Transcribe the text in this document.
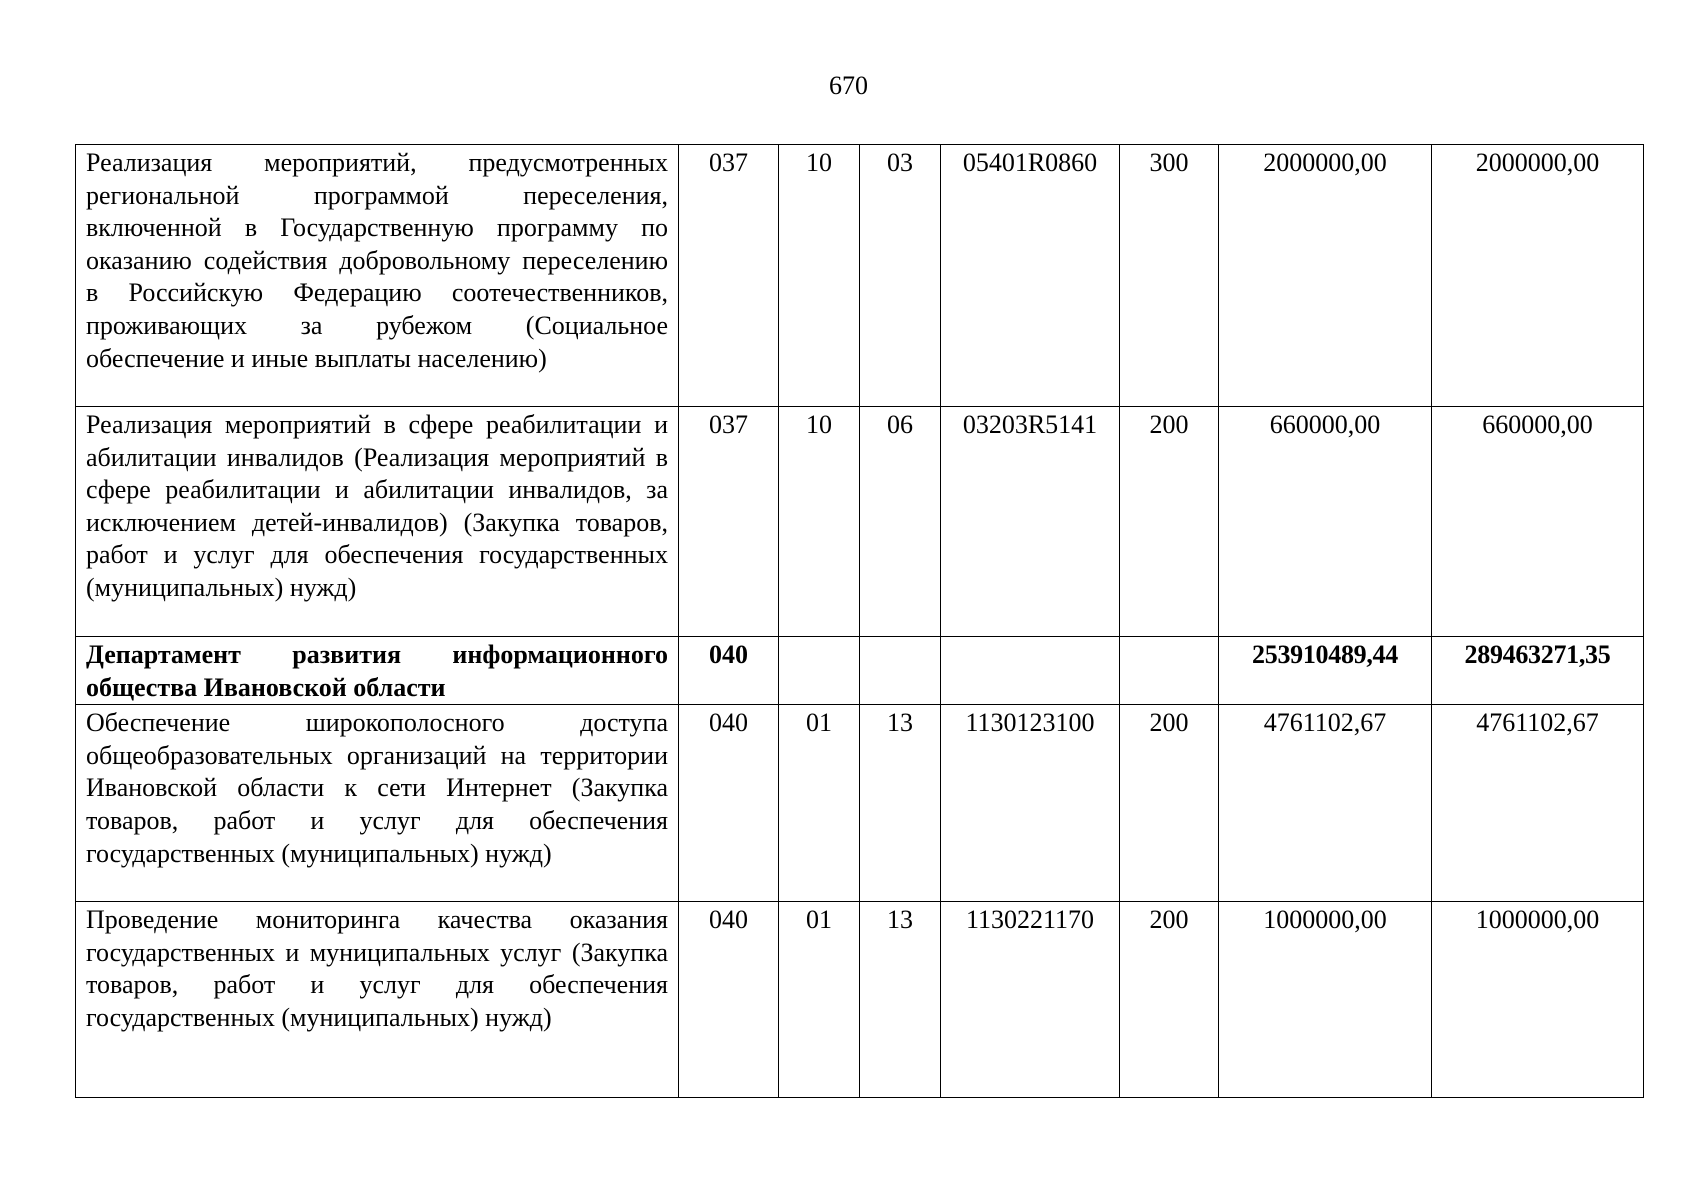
670
Реализация мероприятий, предусмотренных региональной программой переселения, включенной в Государственную программу по оказанию содействия добровольному переселению в Российскую Федерацию соотечественников, проживающих за рубежом (Социальное обеспечение и иные выплаты населению)	037	10	03	05401R0860	300	2000000,00	2000000,00
Реализация мероприятий в сфере реабилитации и абилитации инвалидов (Реализация мероприятий в сфере реабилитации и абилитации инвалидов, за исключением детей-инвалидов) (Закупка товаров, работ и услуг для обеспечения государственных (муниципальных) нужд)	037	10	06	03203R5141	200	660000,00	660000,00
Департамент развития информационного общества Ивановской области	040					253910489,44	289463271,35
Обеспечение широкополосного доступа общеобразовательных организаций на территории Ивановской области к сети Интернет (Закупка товаров, работ и услуг для обеспечения государственных (муниципальных) нужд)	040	01	13	1130123100	200	4761102,67	4761102,67
Проведение мониторинга качества оказания государственных и муниципальных услуг (Закупка товаров, работ и услуг для обеспечения государственных (муниципальных) нужд)	040	01	13	1130221170	200	1000000,00	1000000,00
